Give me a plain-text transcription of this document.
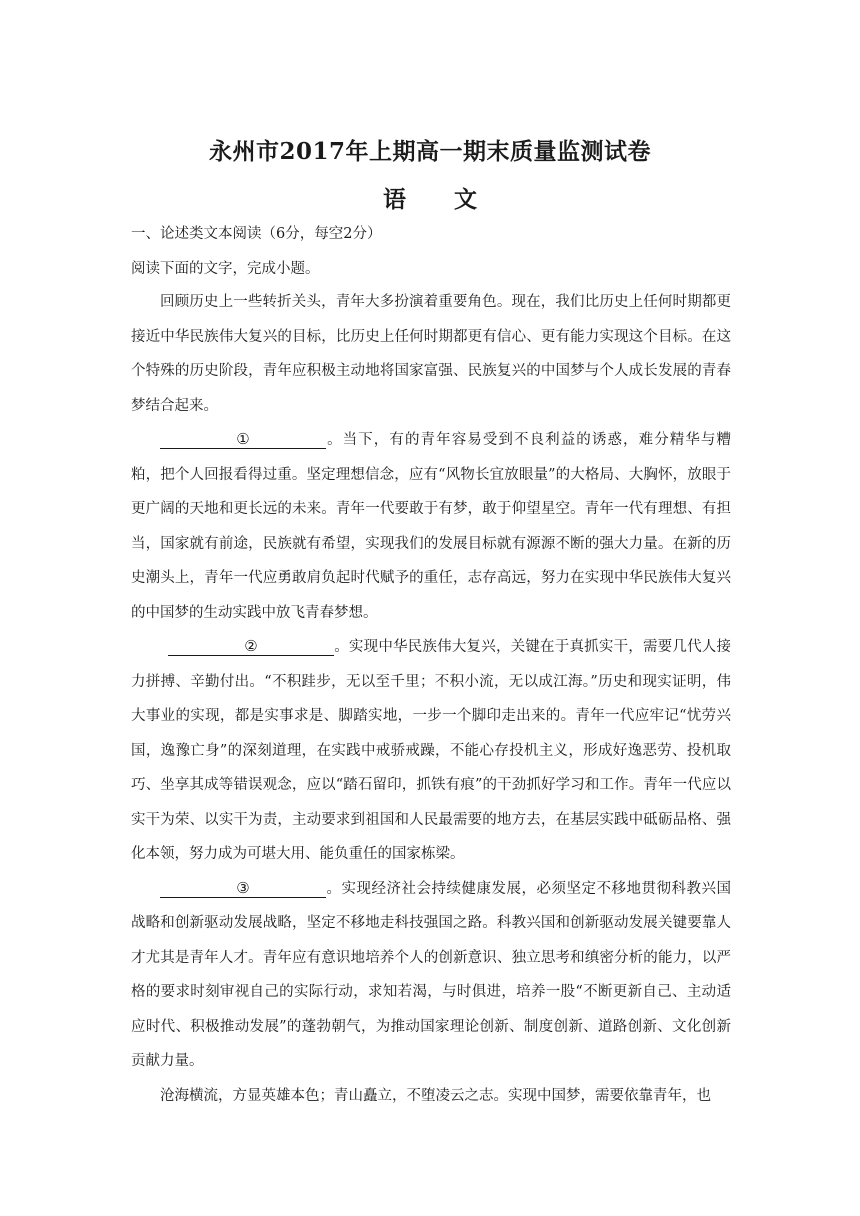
永州市2017年上期高一期末质量监测试卷
语 文
一、论述类文本阅读（6分，每空2分）
阅读下面的文字，完成小题。

回顾历史上一些转折关头，青年大多扮演着重要角色。现在，我们比历史上任何时期都更接近中华民族伟大复兴的目标，比历史上任何时期都更有信心、更有能力实现这个目标。在这个特殊的历史阶段，青年应积极主动地将国家富强、民族复兴的中国梦与个人成长发展的青春梦结合起来。

①	。当下，有的青年容易受到不良利益的诱惑，难分精华与糟粕，把个人回报看得过重。坚定理想信念，应有“风物长宜放眼量”的大格局、大胸怀，放眼于更广阔的天地和更长远的未来。青年一代要敢于有梦，敢于仰望星空。青年一代有理想、有担当，国家就有前途，民族就有希望，实现我们的发展目标就有源源不断的强大力量。在新的历史潮头上，青年一代应勇敢肩负起时代赋予的重任，志存高远，努力在实现中华民族伟大复兴的中国梦的生动实践中放飞青春梦想。

②	。实现中华民族伟大复兴，关键在于真抓实干，需要几代人接力拼搏、辛勤付出。“不积跬步，无以至千里；不积小流，无以成江海。”历史和现实证明，伟大事业的实现，都是实事求是、脚踏实地，一步一个脚印走出来的。青年一代应牢记“忧劳兴国，逸豫亡身”的深刻道理，在实践中戒骄戒躁，不能心存投机主义，形成好逸恶劳、投机取巧、坐享其成等错误观念，应以“踏石留印，抓铁有痕”的干劲抓好学习和工作。青年一代应以实干为荣、以实干为责，主动要求到祖国和人民最需要的地方去，在基层实践中砥砺品格、强化本领，努力成为可堪大用、能负重任的国家栋梁。

③	。实现经济社会持续健康发展，必须坚定不移地贯彻科教兴国战略和创新驱动发展战略，坚定不移地走科技强国之路。科教兴国和创新驱动发展关键要靠人才尤其是青年人才。青年应有意识地培养个人的创新意识、独立思考和缜密分析的能力，以严格的要求时刻审视自己的实际行动，求知若渴，与时俱进，培养一股“不断更新自己、主动适应时代、积极推动发展”的蓬勃朝气，为推动国家理论创新、制度创新、道路创新、文化创新贡献力量。

沧海横流，方显英雄本色；青山矗立，不堕凌云之志。实现中国梦，需要依靠青年，也
